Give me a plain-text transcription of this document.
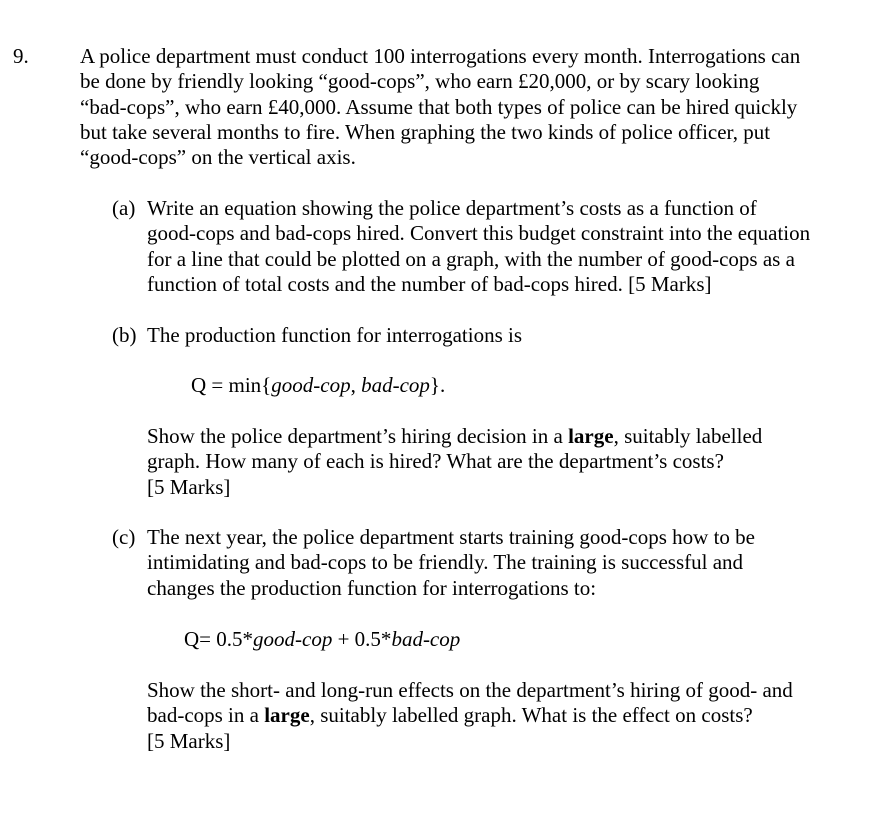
9. A police department must conduct 100 interrogations every month. Interrogations can
be done by friendly looking “good-cops”, who earn £20,000, or by scary looking
“bad-cops”, who earn £40,000. Assume that both types of police can be hired quickly
but take several months to fire. When graphing the two kinds of police officer, put
“good-cops” on the vertical axis.
(a) Write an equation showing the police department’s costs as a function of
good-cops and bad-cops hired. Convert this budget constraint into the equation
for a line that could be plotted on a graph, with the number of good-cops as a
function of total costs and the number of bad-cops hired. [5 Marks]
(b) The production function for interrogations is
Q = min{good-cop, bad-cop}.
Show the police department’s hiring decision in a large, suitably labelled
graph. How many of each is hired? What are the department’s costs?
[5 Marks]
(c) The next year, the police department starts training good-cops how to be
intimidating and bad-cops to be friendly. The training is successful and
changes the production function for interrogations to:
Q= 0.5*good-cop + 0.5*bad-cop
Show the short- and long-run effects on the department’s hiring of good- and
bad-cops in a large, suitably labelled graph. What is the effect on costs?
[5 Marks]
